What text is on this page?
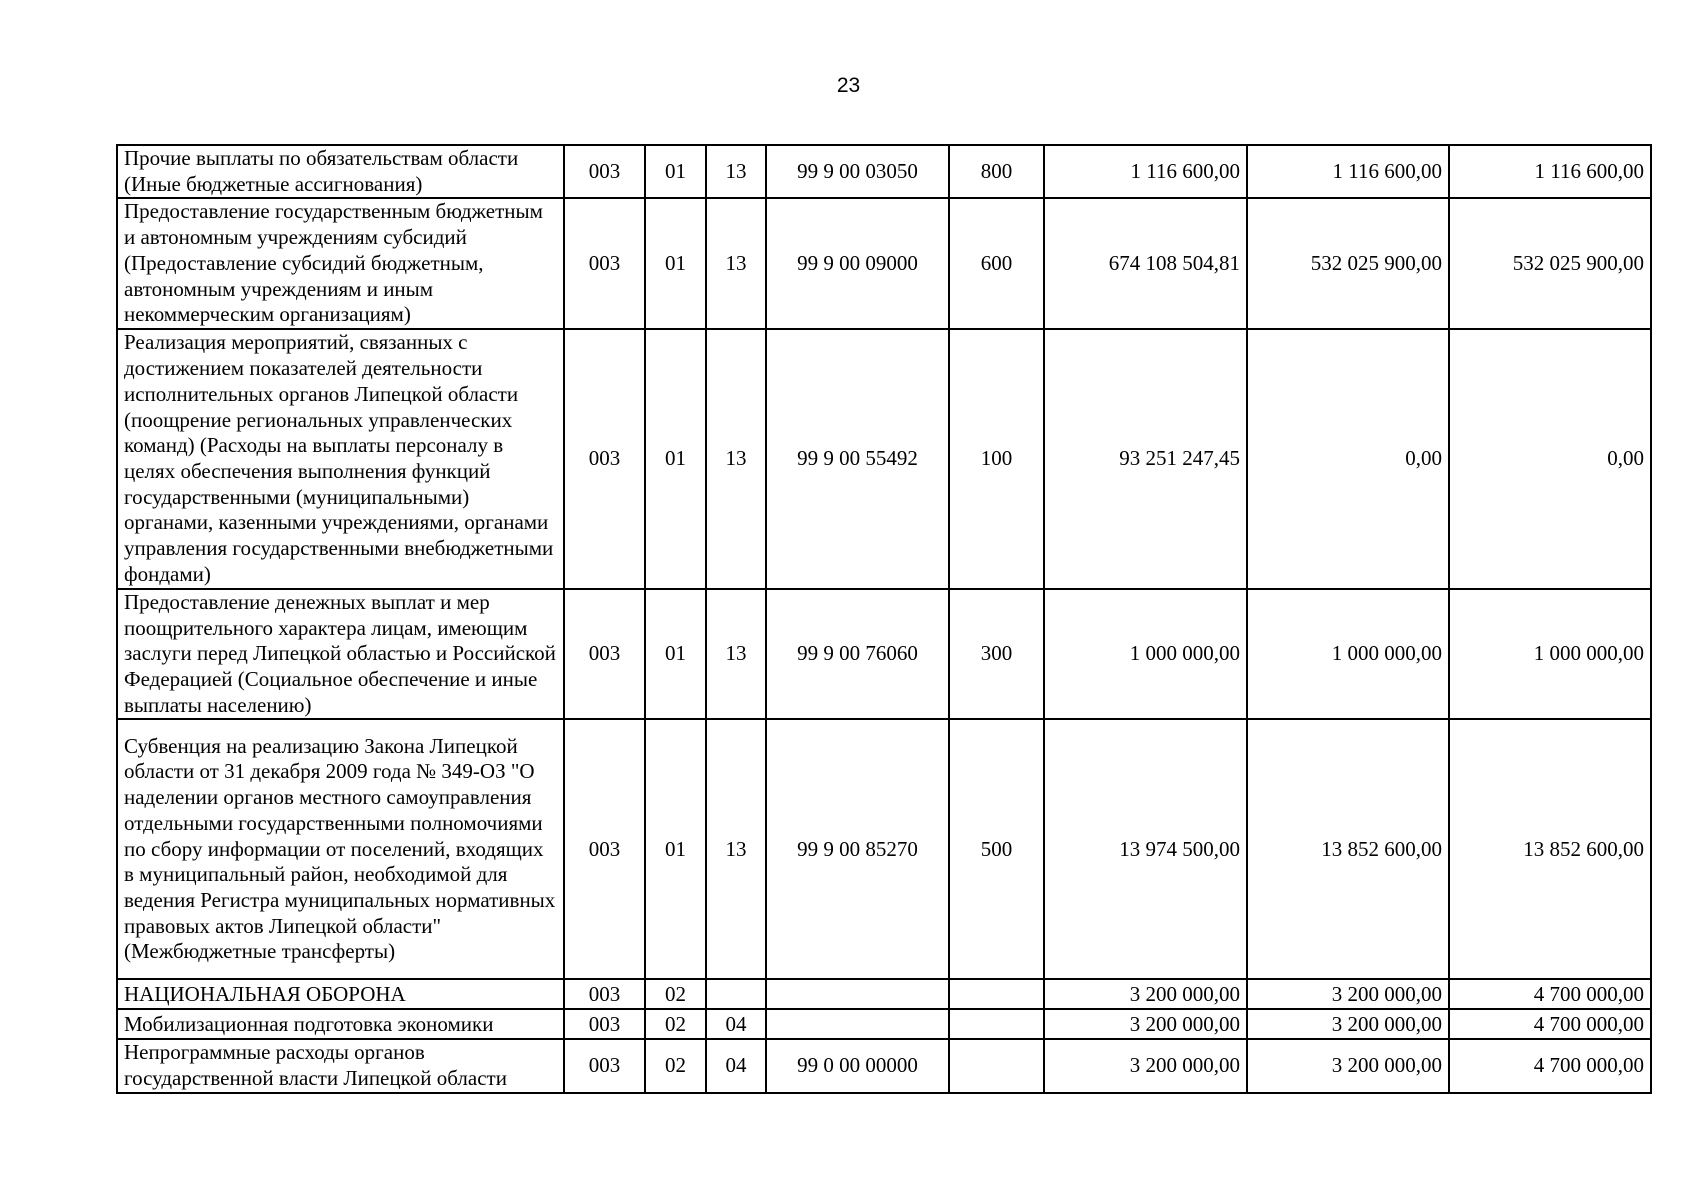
23
Прочие выплаты по обязательствам области (Иные бюджетные ассигнования)	003	01	13	99 9 00 03050	800	1 116 600,00	1 116 600,00	1 116 600,00
Предоставление государственным бюджетным и автономным учреждениям субсидий (Предоставление субсидий бюджетным, автономным учреждениям и иным некоммерческим организациям)	003	01	13	99 9 00 09000	600	674 108 504,81	532 025 900,00	532 025 900,00
Реализация мероприятий, связанных с достижением показателей деятельности исполнительных органов Липецкой области (поощрение региональных управленческих команд) (Расходы на выплаты персоналу в целях обеспечения выполнения функций государственными (муниципальными) органами, казенными учреждениями, органами управления государственными внебюджетными фондами)	003	01	13	99 9 00 55492	100	93 251 247,45	0,00	0,00
Предоставление денежных выплат и мер поощрительного характера лицам, имеющим заслуги перед Липецкой областью и Российской Федерацией (Социальное обеспечение и иные выплаты населению)	003	01	13	99 9 00 76060	300	1 000 000,00	1 000 000,00	1 000 000,00
Субвенция на реализацию Закона Липецкой области от 31 декабря 2009 года № 349-ОЗ "О наделении органов местного самоуправления отдельными государственными полномочиями по сбору информации от поселений, входящих в муниципальный район, необходимой для ведения Регистра муниципальных нормативных правовых актов Липецкой области" (Межбюджетные трансферты)	003	01	13	99 9 00 85270	500	13 974 500,00	13 852 600,00	13 852 600,00
НАЦИОНАЛЬНАЯ ОБОРОНА	003	02				3 200 000,00	3 200 000,00	4 700 000,00
Мобилизационная подготовка экономики	003	02	04			3 200 000,00	3 200 000,00	4 700 000,00
Непрограммные расходы органов государственной власти Липецкой области	003	02	04	99 0 00 00000		3 200 000,00	3 200 000,00	4 700 000,00
